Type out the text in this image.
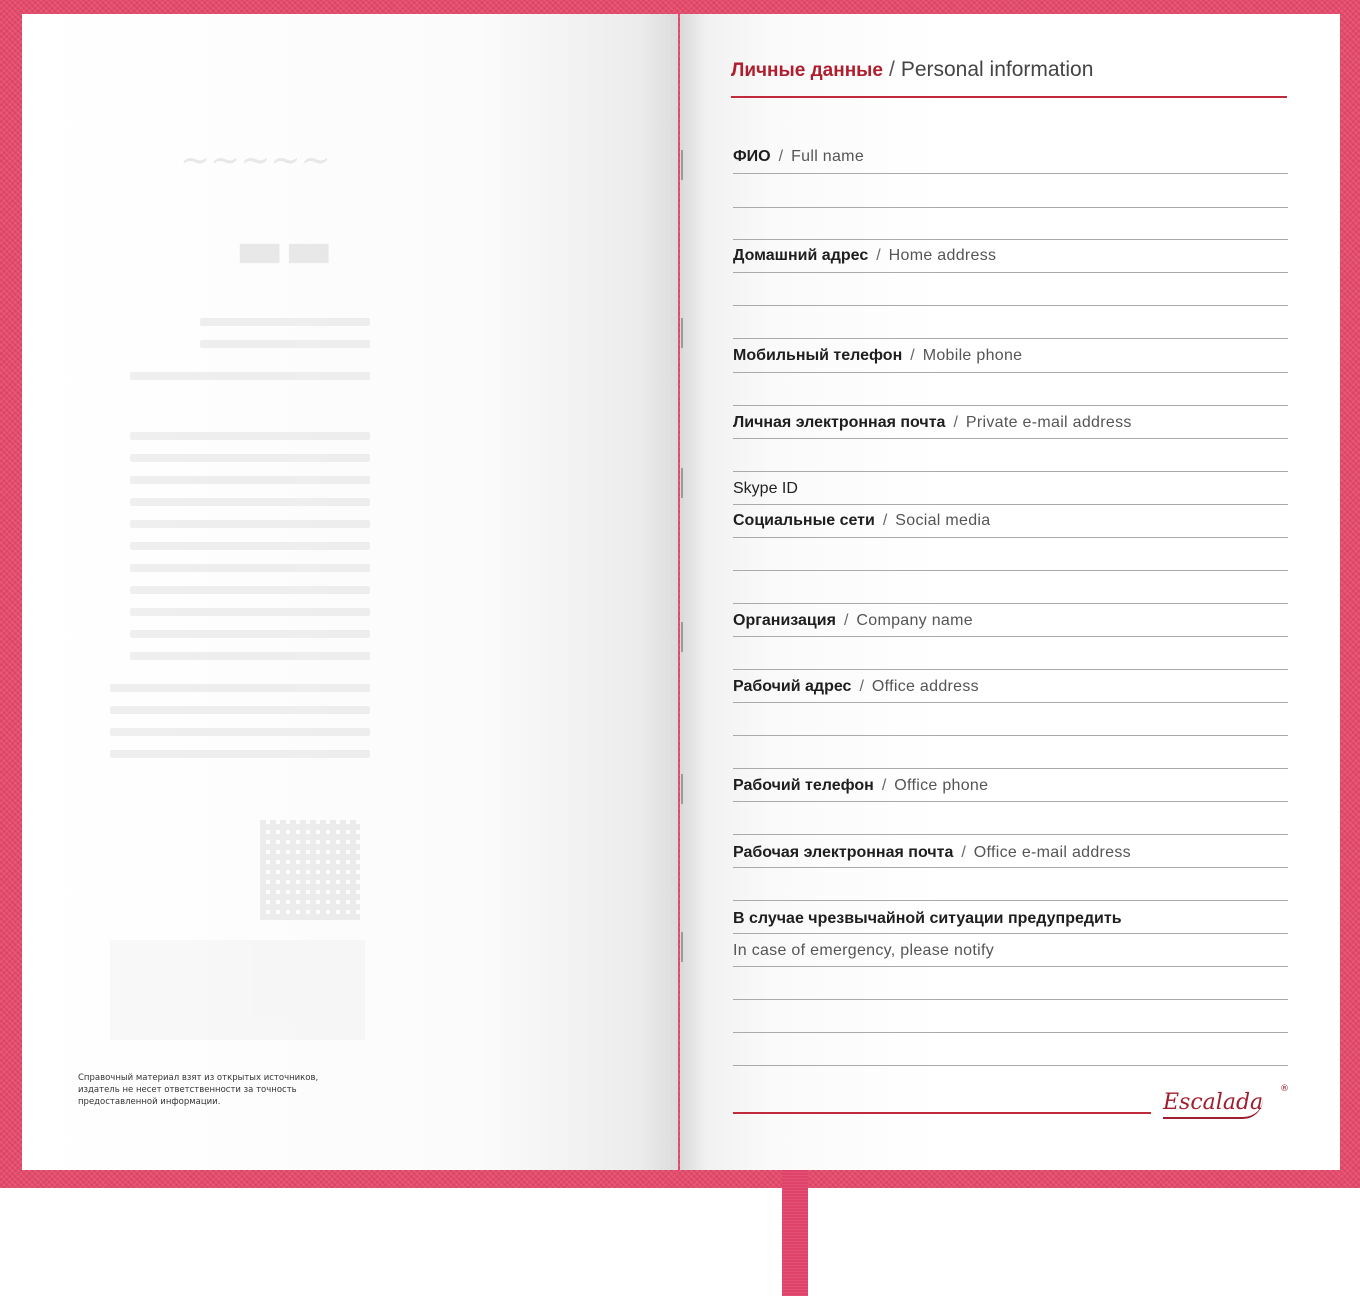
~~~~~
▬▬
Справочный материал взят из открытых источников,
издатель не несет ответственности за точность
предоставленной информации.
Личные данные / Personal information
ФИО / Full name
Домашний адрес / Home address
Мобильный телефон / Mobile phone
Личная электронная почта / Private e-mail address
Skype ID
Социальные сети / Social media
Организация / Company name
Рабочий адрес / Office address
Рабочий телефон / Office phone
Рабочая электронная почта / Office e-mail address
В случае чрезвычайной ситуации предупредить
In case of emergency, please notify
Escalada
®
